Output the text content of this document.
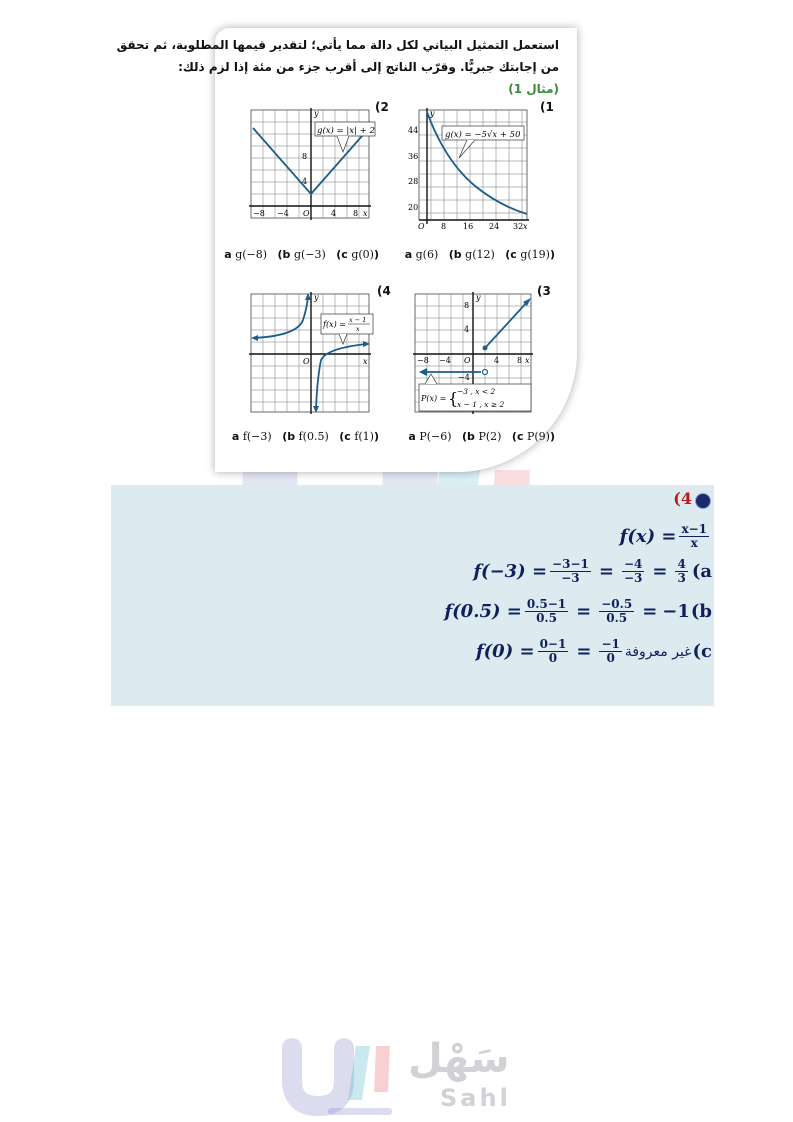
استعمل التمثيل البياني لكل دالة مما يأتي؛ لتقدير قيمها المطلوبة، ثم تحقق
من إجابتك جبريًّا. وقرّب الناتج إلى أقرب جزء من مئة إذا لزم ذلك:
(مثال 1)
(1
g(x) = −5√x + 50
44
36
28
20
O 8 16 24 32 x
y
(a g(6) (b g(12) (c g(19)
(2
g(x) = |x| + 2
8
4
−8 −4 O	4 8 x
y
(a g(−8) (b g(−3) (c g(0)
(3
P(x) = {
−3 , x < 2
x − 1 , x ≥ 2
8
4
−4
−8 −4 O	4 8 x
y
(a P(−6) (b P(2) (c P(9)
(4
f(x) = x − 1
x
O	x
y
(a f(−3) (b f(0.5) (c f(1)
(4
$f(x) = \frac{x-1}{x}$
$f(-3) = \frac{-3-1}{-3} = \frac{-4}{-3} = \frac{4}{3} (a$
$f(0.5) = \frac{0.5-1}{0.5} = \frac{-0.5}{0.5} = -1$ (b
$f(0) = \frac{0-1}{0} = \frac{-1}{0}$ غير معروفة (c
سَهْل
Sahl
